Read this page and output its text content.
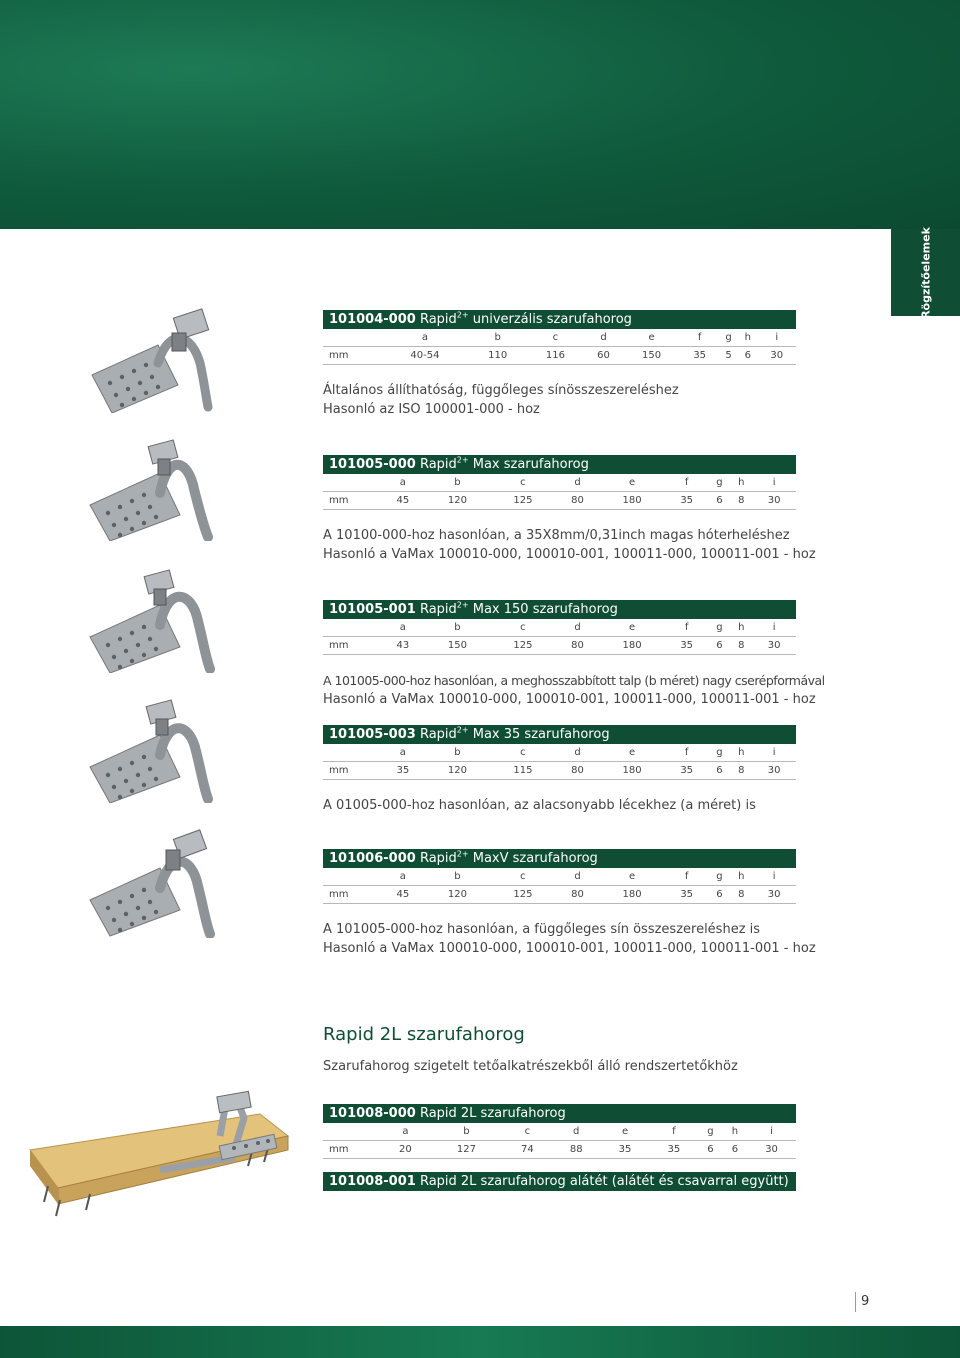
Rögzítőelemek
9
101004-000 Rapid$^{2+}$ univerzális szarufahorog
	a	b	c	d	e	f	g	h	i
mm	40-54	110	116	60	150	35	5	6	30
Általános állíthatóság, függőleges sínösszeszereléshez
Hasonló az ISO 100001-000 - hoz
101005-000 Rapid$^{2+}$ Max szarufahorog
	a	b	c	d	e	f	g	h	i
mm	45	120	125	80	180	35	6	8	30
A 10100-000-hoz hasonlóan, a 35X8mm/0,31inch magas hóterheléshez
Hasonló a VaMax 100010-000, 100010-001, 100011-000, 100011-001 - hoz
101005-001 Rapid$^{2+}$ Max 150 szarufahorog
	a	b	c	d	e	f	g	h	i
mm	43	150	125	80	180	35	6	8	30
A 101005-000-hoz hasonlóan, a meghosszabbított talp (b méret) nagy cserépformával
Hasonló a VaMax 100010-000, 100010-001, 100011-000, 100011-001 - hoz
101005-003 Rapid$^{2+}$ Max 35 szarufahorog
	a	b	c	d	e	f	g	h	i
mm	35	120	115	80	180	35	6	8	30
A 01005-000-hoz hasonlóan, az alacsonyabb lécekhez (a méret) is
101006-000 Rapid$^{2+}$ MaxV szarufahorog
	a	b	c	d	e	f	g	h	i
mm	45	120	125	80	180	35	6	8	30
A 101005-000-hoz hasonlóan, a függőleges sín összeszereléshez is
Hasonló a VaMax 100010-000, 100010-001, 100011-000, 100011-001 - hoz
Rapid 2L szarufahorog
Szarufahorog szigetelt tetőalkatrészekből álló rendszertetőkhöz
101008-000 Rapid 2L szarufahorog
	a	b	c	d	e	f	g	h	i
mm	20	127	74	88	35	35	6	6	30
101008-001 Rapid 2L szarufahorog alátét (alátét és csavarral együtt)
